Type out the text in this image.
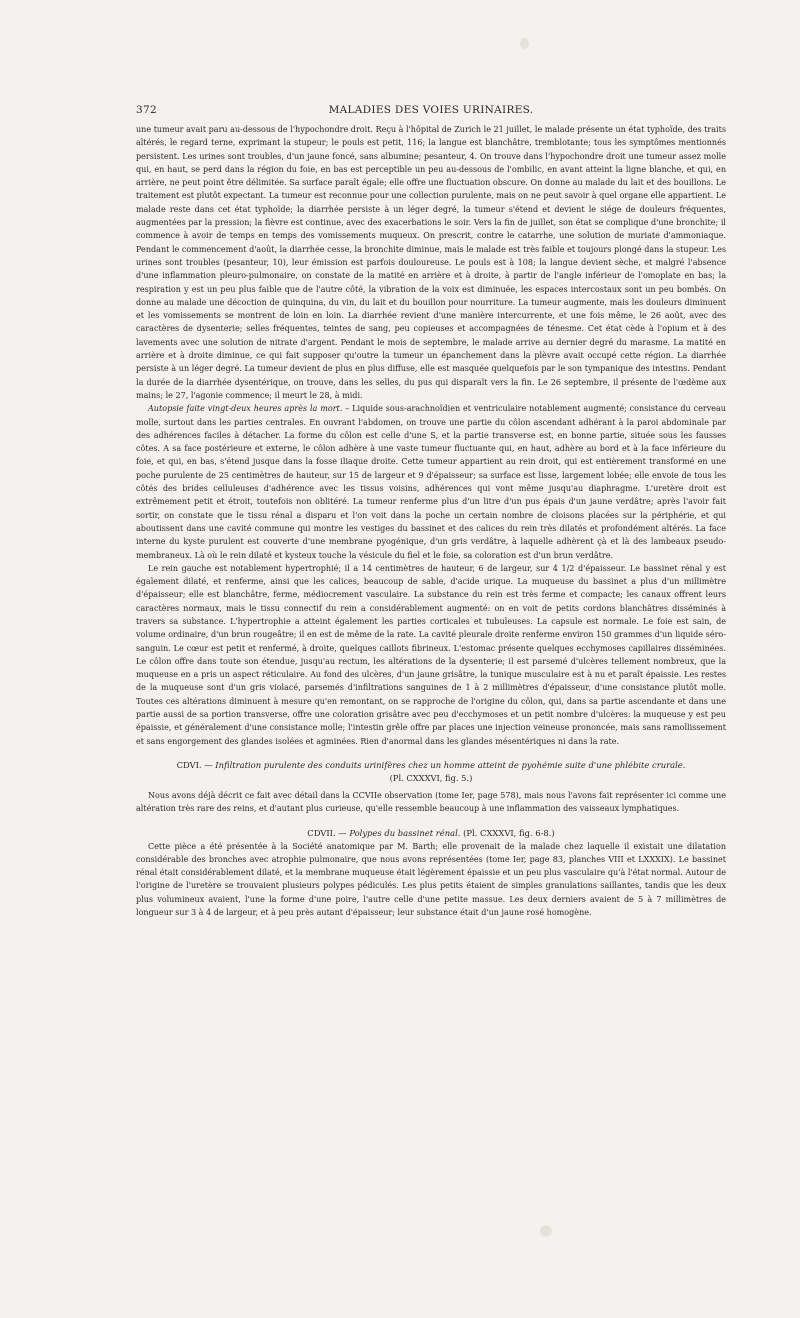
372	MALADIES DES VOIES URINAIRES.

une tumeur avait paru au-dessous de l'hypochondre droit. Reçu à l'hôpital de Zurich le 21 juillet, le malade présente un état typhoïde, des traits altérés, le regard terne, exprimant la stupeur; le pouls est petit, 116; la langue est blanchâtre, tremblotante; tous les symptômes mentionnés persistent. Les urines sont troubles, d'un jaune foncé, sans albumine; pesanteur, 4. On trouve dans l'hypochondre droit une tumeur assez molle qui, en haut, se perd dans la région du foie, en bas est perceptible un peu au-dessous de l'ombilic, en avant atteint la ligne blanche, et qui, en arrière, ne peut point être délimitée. Sa surface paraît égale; elle offre une fluctuation obscure. On donne au malade du lait et des bouillons. Le traitement est plutôt expectant. La tumeur est reconnue pour une collection purulente, mais on ne peut savoir à quel organe elle appartient. Le malade reste dans cet état typhoïde; la diarrhée persiste à un léger degré, la tumeur s'étend et devient le siége de douleurs fréquentes, augmentées par la pression; la fièvre est continue, avec des exacerbations le soir. Vers la fin de juillet, son état se complique d'une bronchite; il commence à avoir de temps en temps des vomissements muqueux. On prescrit, contre le catarrhe, une solution de muriate d'ammoniaque. Pendant le commencement d'août, la diarrhée cesse, la bronchite diminue, mais le malade est très faible et toujours plongé dans la stupeur. Les urines sont troubles (pesanteur, 10), leur émission est parfois douloureuse. Le pouls est à 108; la langue devient sèche, et malgré l'absence d'une inflammation pleuro-pulmonaire, on constate de la matité en arrière et à droite, à partir de l'angle inférieur de l'omoplate en bas; la respiration y est un peu plus faible que de l'autre côté, la vibration de la voix est diminuée, les espaces intercostaux sont un peu bombés. On donne au malade une décoction de quinquina, du vin, du lait et du bouillon pour nourriture. La tumeur augmente, mais les douleurs diminuent et les vomissements se montrent de loin en loin. La diarrhée revient d'une manière intercurrente, et une fois même, le 26 août, avec des caractères de dysenterie; selles fréquentes, teintes de sang, peu copieuses et accompagnées de ténesme. Cet état cède à l'opium et à des lavements avec une solution de nitrate d'argent. Pendant le mois de septembre, le malade arrive au dernier degré du marasme. La matité en arrière et à droite diminue, ce qui fait supposer qu'outre la tumeur un épanchement dans la plèvre avait occupé cette région. La diarrhée persiste à un léger degré. La tumeur devient de plus en plus diffuse, elle est masquée quelquefois par le son tympanique des intestins. Pendant la durée de la diarrhée dysentérique, on trouve, dans les selles, du pus qui disparaît vers la fin. Le 26 septembre, il présente de l'œdème aux mains; le 27, l'agonie commence; il meurt le 28, à midi.

Autopsie faite vingt-deux heures après la mort. – Liquide sous-arachnoïdien et ventriculaire notablement augmenté; consistance du cerveau molle, surtout dans les parties centrales. En ouvrant l'abdomen, on trouve une partie du côlon ascendant adhérant à la paroi abdominale par des adhérences faciles à détacher. La forme du côlon est celle d'une S, et la partie transverse est, en bonne partie, située sous les fausses côtes. A sa face postérieure et externe, le côlon adhère à une vaste tumeur fluctuante qui, en haut, adhère au bord et à la face inférieure du foie, et qui, en bas, s'étend jusque dans la fosse iliaque droite. Cette tumeur appartient au rein droit, qui est entièrement transformé en une poche purulente de 25 centimètres de hauteur, sur 15 de largeur et 9 d'épaisseur; sa surface est lisse, largement lobée; elle envoie de tous les côtés des brides celluleuses d'adhérence avec les tissus voisins, adhérences qui vont même jusqu'au diaphragme. L'uretère droit est extrêmement petit et étroit, toutefois non oblitéré. La tumeur renferme plus d'un litre d'un pus épais d'un jaune verdâtre; après l'avoir fait sortir, on constate que le tissu rénal a disparu et l'on voit dans la poche un certain nombre de cloisons placées sur la périphérie, et qui aboutissent dans une cavité commune qui montre les vestiges du bassinet et des calices du rein très dilatés et profondément altérés. La face interne du kyste purulent est couverte d'une membrane pyogénique, d'un gris verdâtre, à laquelle adhèrent çà et là des lambeaux pseudo-membraneux. Là où le rein dilaté et kysteux touche la vésicule du fiel et le foie, sa coloration est d'un brun verdâtre.

Le rein gauche est notablement hypertrophié; il a 14 centimètres de hauteur, 6 de largeur, sur 4 1/2 d'épaisseur. Le bassinet rénal y est également dilaté, et renferme, ainsi que les calices, beaucoup de sable, d'acide urique. La muqueuse du bassinet a plus d'un millimètre d'épaisseur; elle est blanchâtre, ferme, médiocrement vasculaire. La substance du rein est très ferme et compacte; les canaux offrent leurs caractères normaux, mais le tissu connectif du rein a considérablement augmenté: on en voit de petits cordons blanchâtres disséminés à travers sa substance. L'hypertrophie a atteint également les parties corticales et tubuleuses. La capsule est normale. Le foie est sain, de volume ordinaire, d'un brun rougeâtre; il en est de même de la rate. La cavité pleurale droite renferme environ 150 grammes d'un liquide séro-sanguin. Le cœur est petit et renfermé, à droite, quelques caillots fibrineux. L'estomac présente quelques ecchymoses capillaires disséminées. Le côlon offre dans toute son étendue, jusqu'au rectum, les altérations de la dysenterie; il est parsemé d'ulcères tellement nombreux, que la muqueuse en a pris un aspect réticulaire. Au fond des ulcères, d'un jaune grisâtre, la tunique musculaire est à nu et paraît épaissie. Les restes de la muqueuse sont d'un gris violacé, parsemés d'infiltrations sanguines de 1 à 2 millimètres d'épaisseur, d'une consistance plutôt molle. Toutes ces altérations diminuent à mesure qu'en remontant, on se rapproche de l'origine du côlon, qui, dans sa partie ascendante et dans une partie aussi de sa portion transverse, offre une coloration grisâtre avec peu d'ecchymoses et un petit nombre d'ulcères: la muqueuse y est peu épaissie, et généralement d'une consistance molle; l'intestin grêle offre par places une injection veineuse prononcée, mais sans ramollissement et sans engorgement des glandes isolées et agminées. Rien d'anormal dans les glandes mésentériques ni dans la rate.

CDVI. — Infiltration purulente des conduits urinifères chez un homme atteint de pyohémie suite d'une phlébite crurale.
(Pl. CXXXVI, fig. 5.)

Nous avons déjà décrit ce fait avec détail dans la CCVIIe observation (tome Ier, page 578), mais nous l'avons fait représenter ici comme une altération très rare des reins, et d'autant plus curieuse, qu'elle ressemble beaucoup à une inflammation des vaisseaux lymphatiques.

CDVII. — Polypes du bassinet rénal. (Pl. CXXXVI, fig. 6-8.)

Cette pièce a été présentée à la Société anatomique par M. Barth; elle provenait de la malade chez laquelle il existait une dilatation considérable des bronches avec atrophie pulmonaire, que nous avons représentées (tome Ier, page 83, planches VIII et LXXXIX). Le bassinet rénal était considérablement dilaté, et la membrane muqueuse était légèrement épaissie et un peu plus vasculaire qu'à l'état normal. Autour de l'origine de l'uretère se trouvaient plusieurs polypes pédiculés. Les plus petits étaient de simples granulations saillantes, tandis que les deux plus volumineux avaient, l'une la forme d'une poire, l'autre celle d'une petite massue. Les deux derniers avaient de 5 à 7 millimètres de longueur sur 3 à 4 de largeur, et à peu près autant d'épaisseur; leur substance était d'un jaune rosé homogène.
